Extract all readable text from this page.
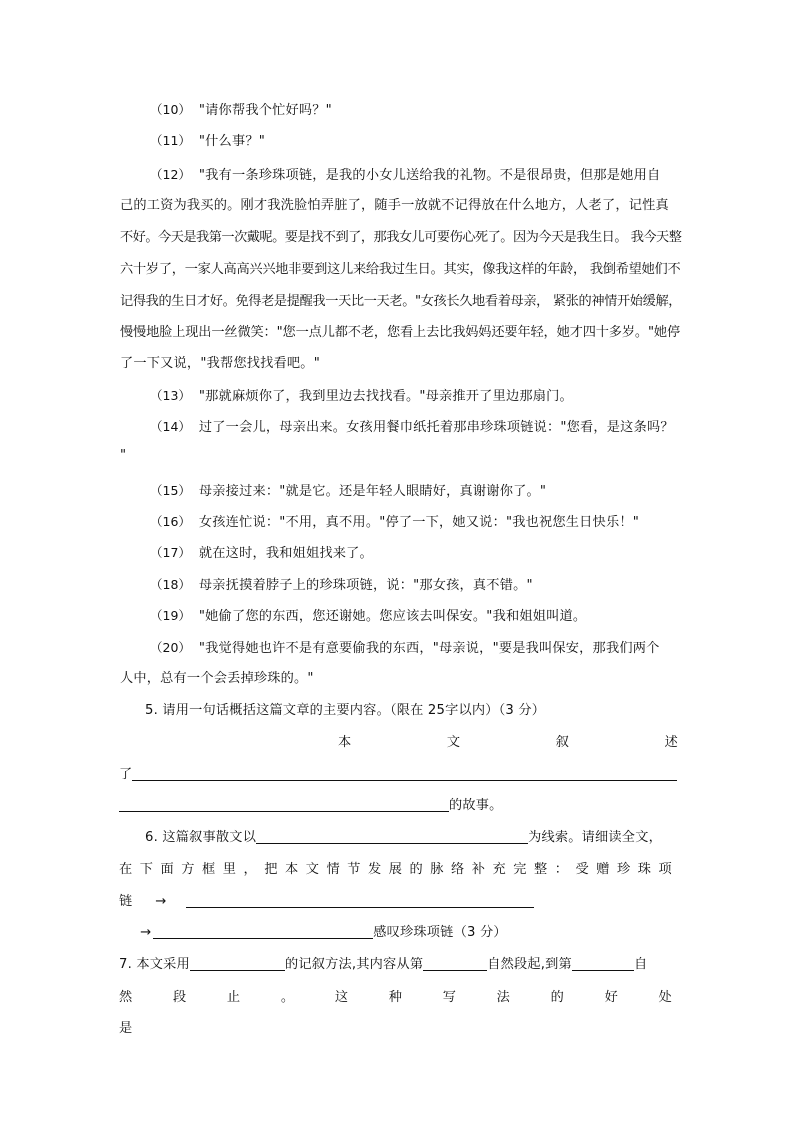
（10） "请你帮我个忙好吗？"
（11） "什么事？"
（12） "我有一条珍珠项链，是我的小女儿送给我的礼物。不是很昂贵，但那是她用自
己的工资为我买的。刚才我洗脸怕弄脏了，随手一放就不记得放在什么地方，人老了，记性真
不好。今天是我第一次戴呢。要是找不到了，那我女儿可要伤心死了。因为今天是我生日。 我今天整
六十岁了，一家人高高兴兴地非要到这儿来给我过生日。其实，像我这样的年龄， 我倒希望她们不
记得我的生日才好。免得老是提醒我一天比一天老。"女孩长久地看着母亲， 紧张的神情开始缓解，
慢慢地脸上现出一丝微笑："您一点儿都不老，您看上去比我妈妈还要年轻，她才四十多岁。"她停
了一下又说，"我帮您找找看吧。"
（13） "那就麻烦你了，我到里边去找找看。"母亲推开了里边那扇门。
（14） 过了一会儿，母亲出来。女孩用餐巾纸托着那串珍珠项链说："您看，是这条吗？
"
（15） 母亲接过来："就是它。还是年轻人眼睛好，真谢谢你了。"
（16） 女孩连忙说："不用，真不用。"停了一下，她又说："我也祝您生日快乐！"
（17） 就在这时，我和姐姐找来了。
（18） 母亲抚摸着脖子上的珍珠项链，说："那女孩，真不错。"
（19） "她偷了您的东西，您还谢她。您应该去叫保安。"我和姐姐叫道。
（20） "我觉得她也许不是有意要偷我的东西，"母亲说，"要是我叫保安，那我们两个
人中，总有一个会丢掉珍珠的。"
5. 请用一句话概括这篇文章的主要内容。（限在 25字以内）（3 分）
本	文	叙	述
了
的故事。
6. 这篇叙事散文以	为线索。请细读全文，
在 下 面 方 框 里 ， 把 本 文 情 节 发 展 的 脉 络 补 充 完 整 ： 受 赠 珍 珠 项
链 →
→	感叹珍珠项链（3 分）
7. 本文采用	的记叙方法,其内容从第	自然段起,到第	自
然	段	止	。	这	种	写	法	的	好	处
是
